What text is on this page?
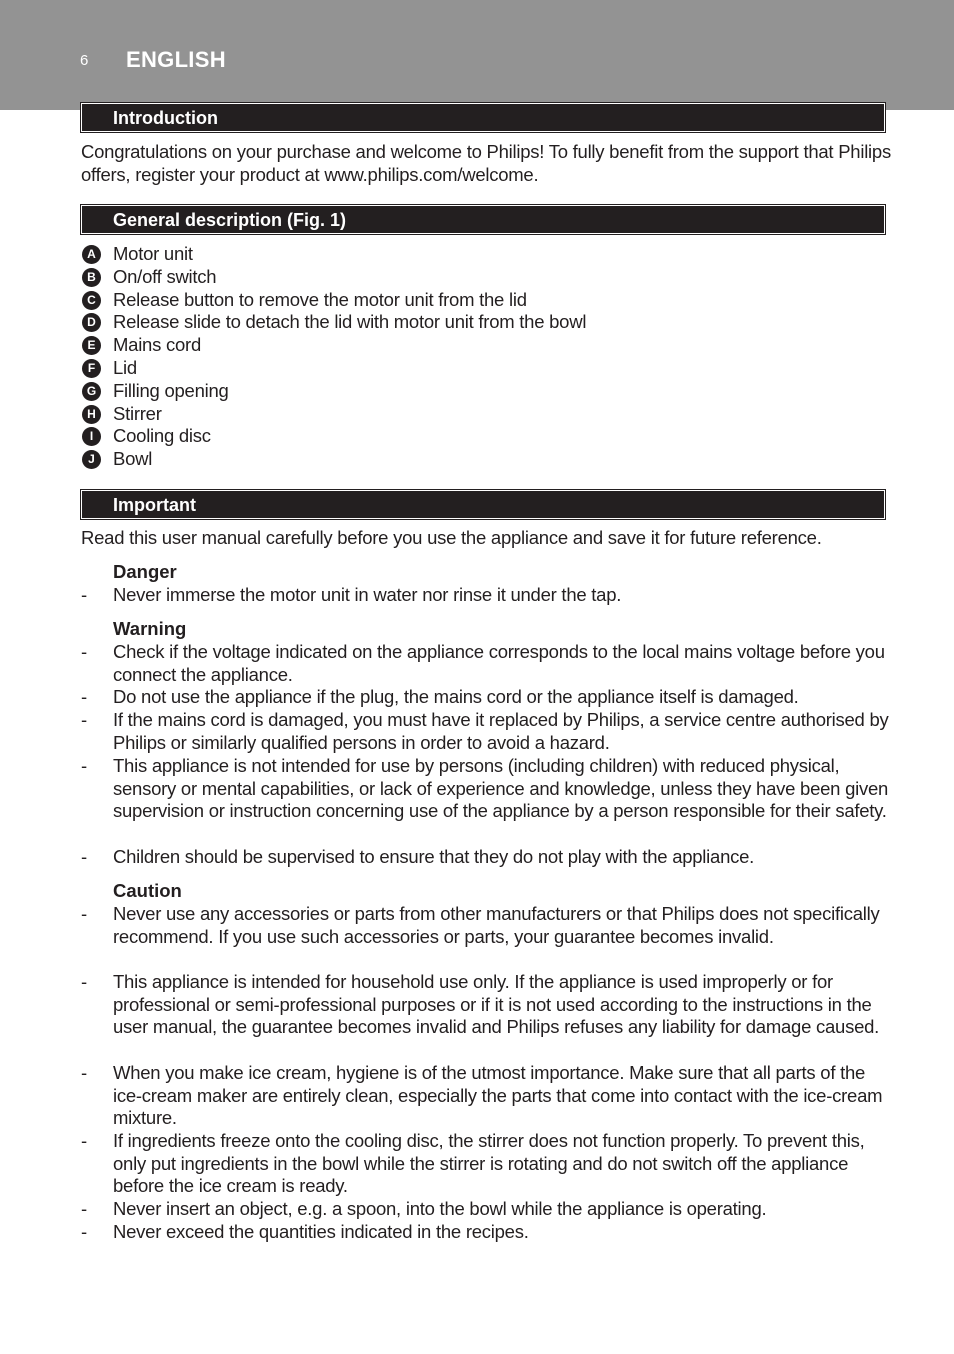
6 ENGLISH
Introduction
Congratulations on your purchase and welcome to Philips! To fully benefit from the support that Philips offers, register your product at www.philips.com/welcome.
General description (Fig. 1)
A Motor unit
B On/off switch
C Release button to remove the motor unit from the lid
D Release slide to detach the lid with motor unit from the bowl
E Mains cord
F Lid
G Filling opening
H Stirrer
I	Cooling disc
J Bowl
Important
Read this user manual carefully before you use the appliance and save it for future reference.
Danger
- Never immerse the motor unit in water nor rinse it under the tap.
Warning
- Check if the voltage indicated on the appliance corresponds to the local mains voltage before you connect the appliance.
- Do not use the appliance if the plug, the mains cord or the appliance itself is damaged.
- If the mains cord is damaged, you must have it replaced by Philips, a service centre authorised by Philips or similarly qualified persons in order to avoid a hazard.
- This appliance is not intended for use by persons (including children) with reduced physical, sensory or mental capabilities, or lack of experience and knowledge, unless they have been given supervision or instruction concerning use of the appliance by a person responsible for their safety.
- Children should be supervised to ensure that they do not play with the appliance.
Caution
- Never use any accessories or parts from other manufacturers or that Philips does not specifically recommend. If you use such accessories or parts, your guarantee becomes invalid.
- This appliance is intended for household use only. If the appliance is used improperly or for professional or semi-professional purposes or if it is not used according to the instructions in the user manual, the guarantee becomes invalid and Philips refuses any liability for damage caused.
- When you make ice cream, hygiene is of the utmost importance. Make sure that all parts of the ice-cream maker are entirely clean, especially the parts that come into contact with the ice-cream mixture.
- If ingredients freeze onto the cooling disc, the stirrer does not function properly. To prevent this, only put ingredients in the bowl while the stirrer is rotating and do not switch off the appliance before the ice cream is ready.
- Never insert an object, e.g. a spoon, into the bowl while the appliance is operating.
- Never exceed the quantities indicated in the recipes.
